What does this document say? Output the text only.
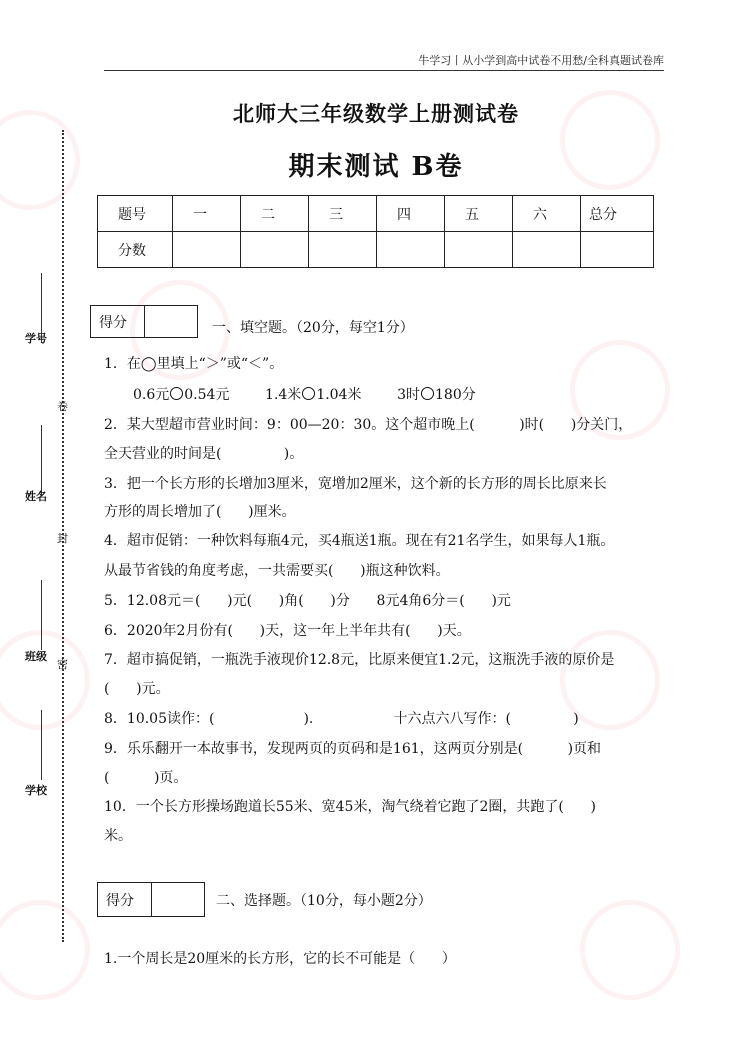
牛学习丨从小学到高中试卷不用愁/全科真题试卷库
北师大三年级数学上册测试卷
期末测试 B卷
题号	一	二	三	四	五	六	总分
分数							
卷
封
密
学号
姓名
班级
学校
得分	一、填空题。（20分，每空1分）
1．在◯里填上“＞”或“＜”。
0.6元 0.54元	1.4米 1.04米	3时 180分
2．某大型超市营业时间：9：00—20：30。这个超市晚上(          )时(      )分关门，
全天营业的时间是(              )。
3．把一个长方形的长增加3厘米，宽增加2厘米，这个新的长方形的周长比原来长
方形的周长增加了(      )厘米。
4．超市促销：一种饮料每瓶4元，买4瓶送1瓶。现在有21名学生，如果每人1瓶。
从最节省钱的角度考虑，一共需要买(      )瓶这种饮料。
5．12.08元＝(      )元(      )角(      )分      8元4角6分＝(      )元
6．2020年2月份有(      )天，这一年上半年共有(      )天。
7．超市搞促销，一瓶洗手液现价12.8元，比原来便宜1.2元，这瓶洗手液的原价是
(      )元。
8．10.05读作：(                    ).                  十六点六八写作：(              )
9．乐乐翻开一本故事书，发现两页的页码和是161，这两页分别是(          )页和
(          )页。
10．一个长方形操场跑道长55米、宽45米，淘气绕着它跑了2圈，共跑了(      )
米。
得分	二、选择题。（10分，每小题2分）
1.一个周长是20厘米的长方形，它的长不可能是（      ）
